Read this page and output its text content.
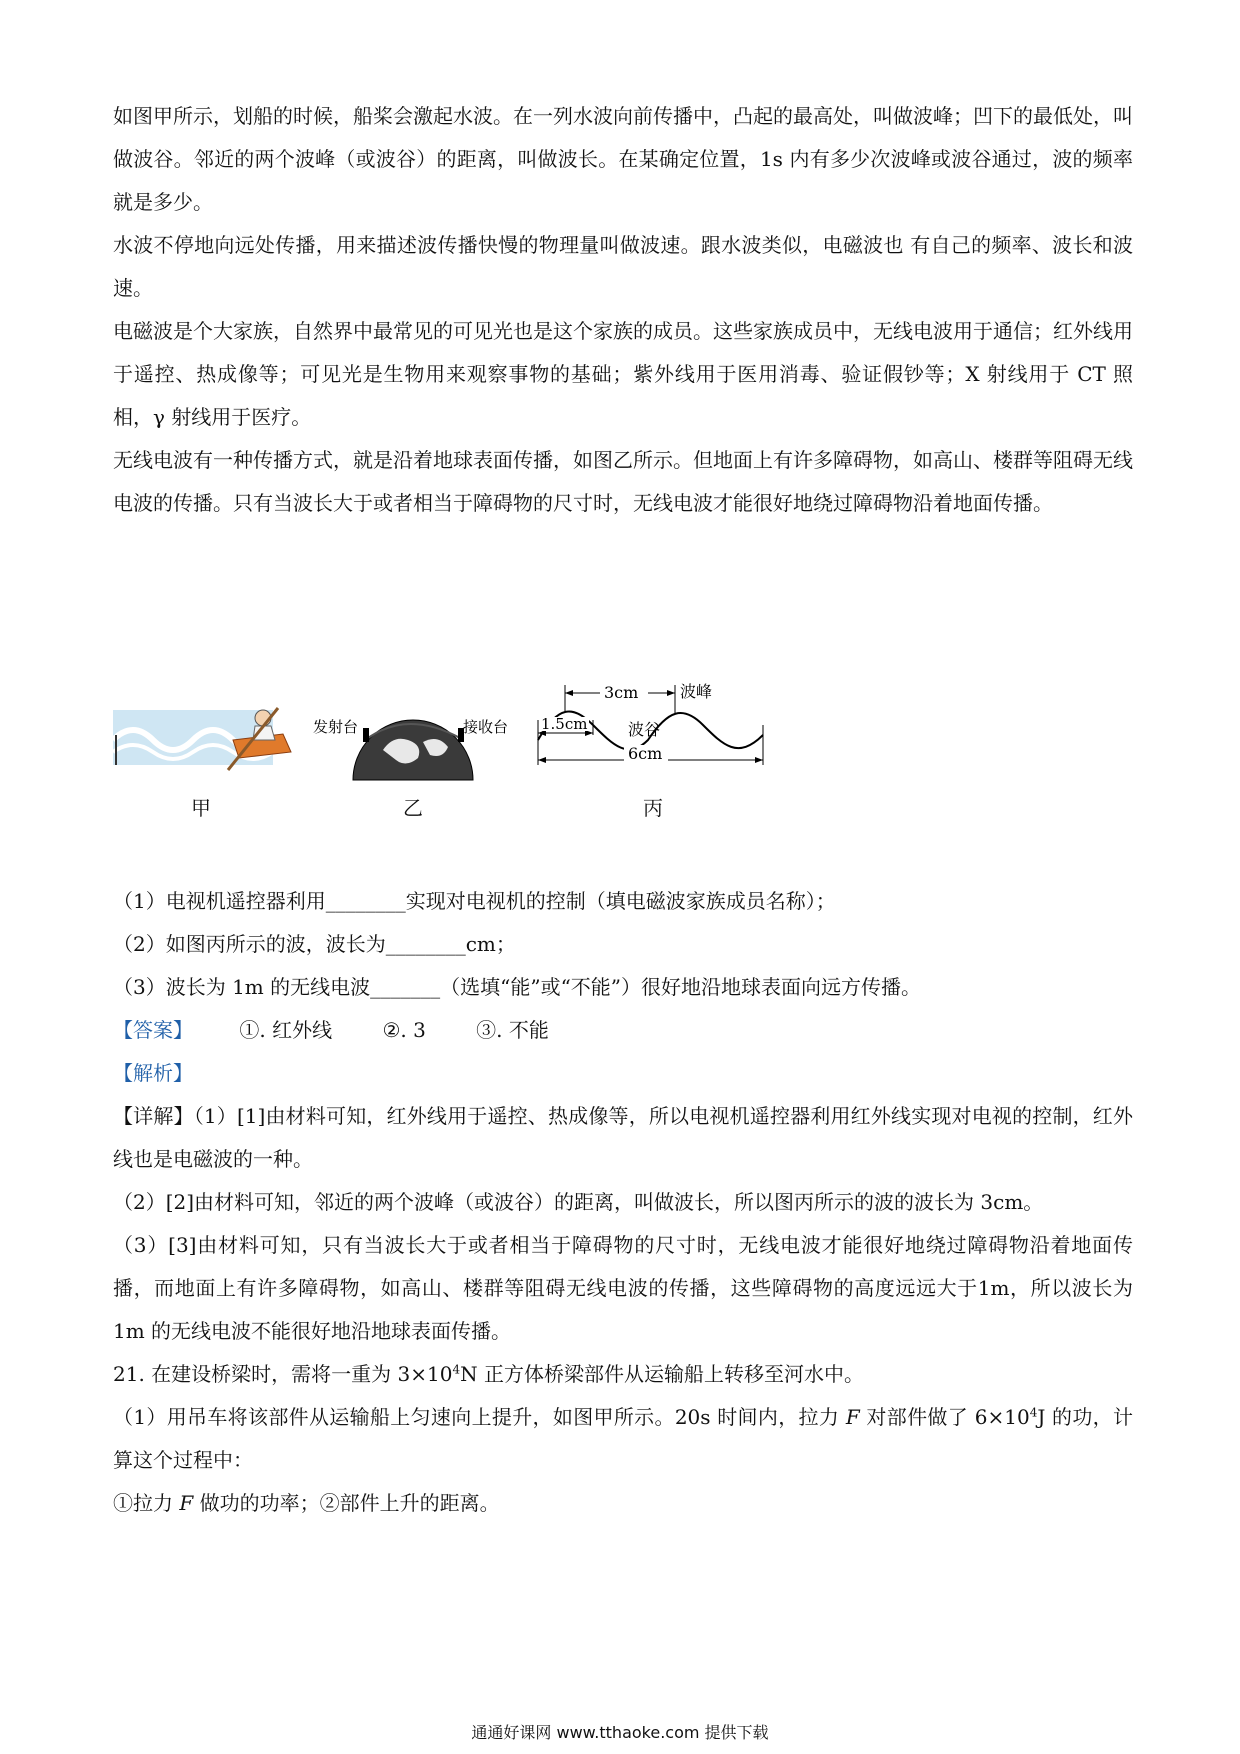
如图甲所示，划船的时候，船桨会激起水波。在一列水波向前传播中，凸起的最高处，叫做波峰；凹下的最低处，叫做波谷。邻近的两个波峰（或波谷）的距离，叫做波长。在某确定位置，1s 内有多少次波峰或波谷通过，波的频率就是多少。

水波不停地向远处传播，用来描述波传播快慢的物理量叫做波速。跟水波类似，电磁波也 有自己的频率、波长和波速。

电磁波是个大家族，自然界中最常见的可见光也是这个家族的成员。这些家族成员中，无线电波用于通信；红外线用于遥控、热成像等；可见光是生物用来观察事物的基础；紫外线用于医用消毒、验证假钞等；X 射线用于 CT 照相，γ 射线用于医疗。

无线电波有一种传播方式，就是沿着地球表面传播，如图乙所示。但地面上有许多障碍物，如高山、楼群等阻碍无线电波的传播。只有当波长大于或者相当于障碍物的尺寸时，无线电波才能很好地绕过障碍物沿着地面传播。

甲
发射台	接收台
乙
3cm	波峰
1.5cm	波谷
6cm
丙

（1）电视机遥控器利用________实现对电视机的控制（填电磁波家族成员名称）；

（2）如图丙所示的波，波长为________cm；

（3）波长为 1m 的无线电波_______（选填“能”或“不能”）很好地沿地球表面向远方传播。

【答案】 ①. 红外线	②. 3	③. 不能

【解析】

【详解】（1）[1]由材料可知，红外线用于遥控、热成像等，所以电视机遥控器利用红外线实现对电视的控制，红外线也是电磁波的一种。

（2）[2]由材料可知，邻近的两个波峰（或波谷）的距离，叫做波长，所以图丙所示的波的波长为 3cm。

（3）[3]由材料可知，只有当波长大于或者相当于障碍物的尺寸时，无线电波才能很好地绕过障碍物沿着地面传播，而地面上有许多障碍物，如高山、楼群等阻碍无线电波的传播，这些障碍物的高度远远大于1m，所以波长为 1m 的无线电波不能很好地沿地球表面传播。

21. 在建设桥梁时，需将一重为 $3\times 10^4N$ 正方体桥梁部件从运输船上转移至河水中。

（1）用吊车将该部件从运输船上匀速向上提升，如图甲所示。20s 时间内，拉力 F 对部件做了 $6\times 10^4J$ 的功，计算这个过程中：

①拉力 F 做功的功率；②部件上升的距离。

通通好课网 www.tthaoke.com 提供下载
